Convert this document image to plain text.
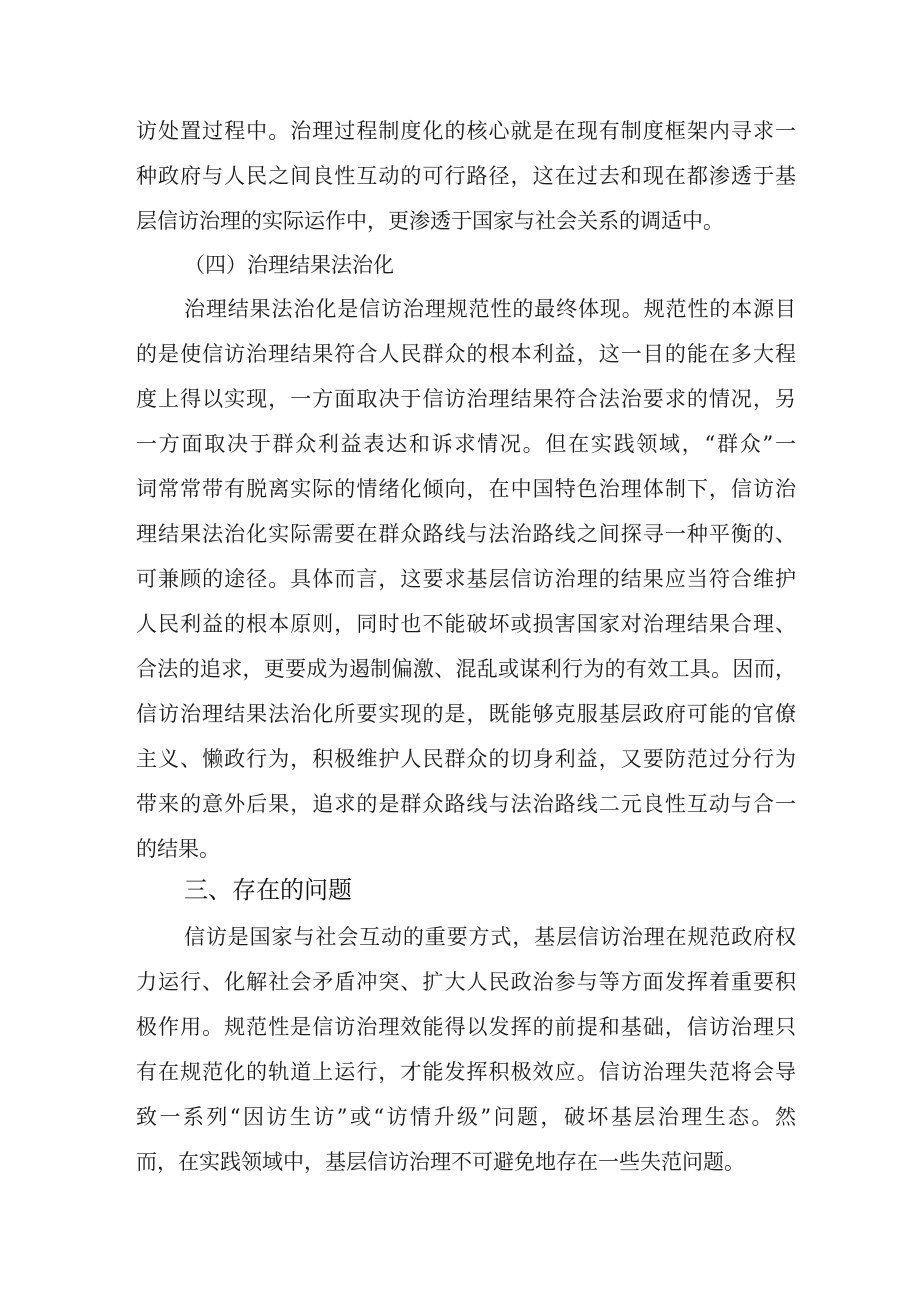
访处置过程中。治理过程制度化的核心就是在现有制度框架内寻求一
种政府与人民之间良性互动的可行路径，这在过去和现在都渗透于基
层信访治理的实际运作中，更渗透于国家与社会关系的调适中。
（四）治理结果法治化
治理结果法治化是信访治理规范性的最终体现。规范性的本源目
的是使信访治理结果符合人民群众的根本利益，这一目的能在多大程
度上得以实现，一方面取决于信访治理结果符合法治要求的情况，另
一方面取决于群众利益表达和诉求情况。但在实践领域，“群众”一
词常常带有脱离实际的情绪化倾向，在中国特色治理体制下，信访治
理结果法治化实际需要在群众路线与法治路线之间探寻一种平衡的、
可兼顾的途径。具体而言，这要求基层信访治理的结果应当符合维护
人民利益的根本原则，同时也不能破坏或损害国家对治理结果合理、
合法的追求，更要成为遏制偏激、混乱或谋利行为的有效工具。因而，
信访治理结果法治化所要实现的是，既能够克服基层政府可能的官僚
主义、懒政行为，积极维护人民群众的切身利益，又要防范过分行为
带来的意外后果，追求的是群众路线与法治路线二元良性互动与合一
的结果。
三、存在的问题
信访是国家与社会互动的重要方式，基层信访治理在规范政府权
力运行、化解社会矛盾冲突、扩大人民政治参与等方面发挥着重要积
极作用。规范性是信访治理效能得以发挥的前提和基础，信访治理只
有在规范化的轨道上运行，才能发挥积极效应。信访治理失范将会导
致一系列“因访生访”或“访情升级”问题，破坏基层治理生态。然
而，在实践领域中，基层信访治理不可避免地存在一些失范问题。
